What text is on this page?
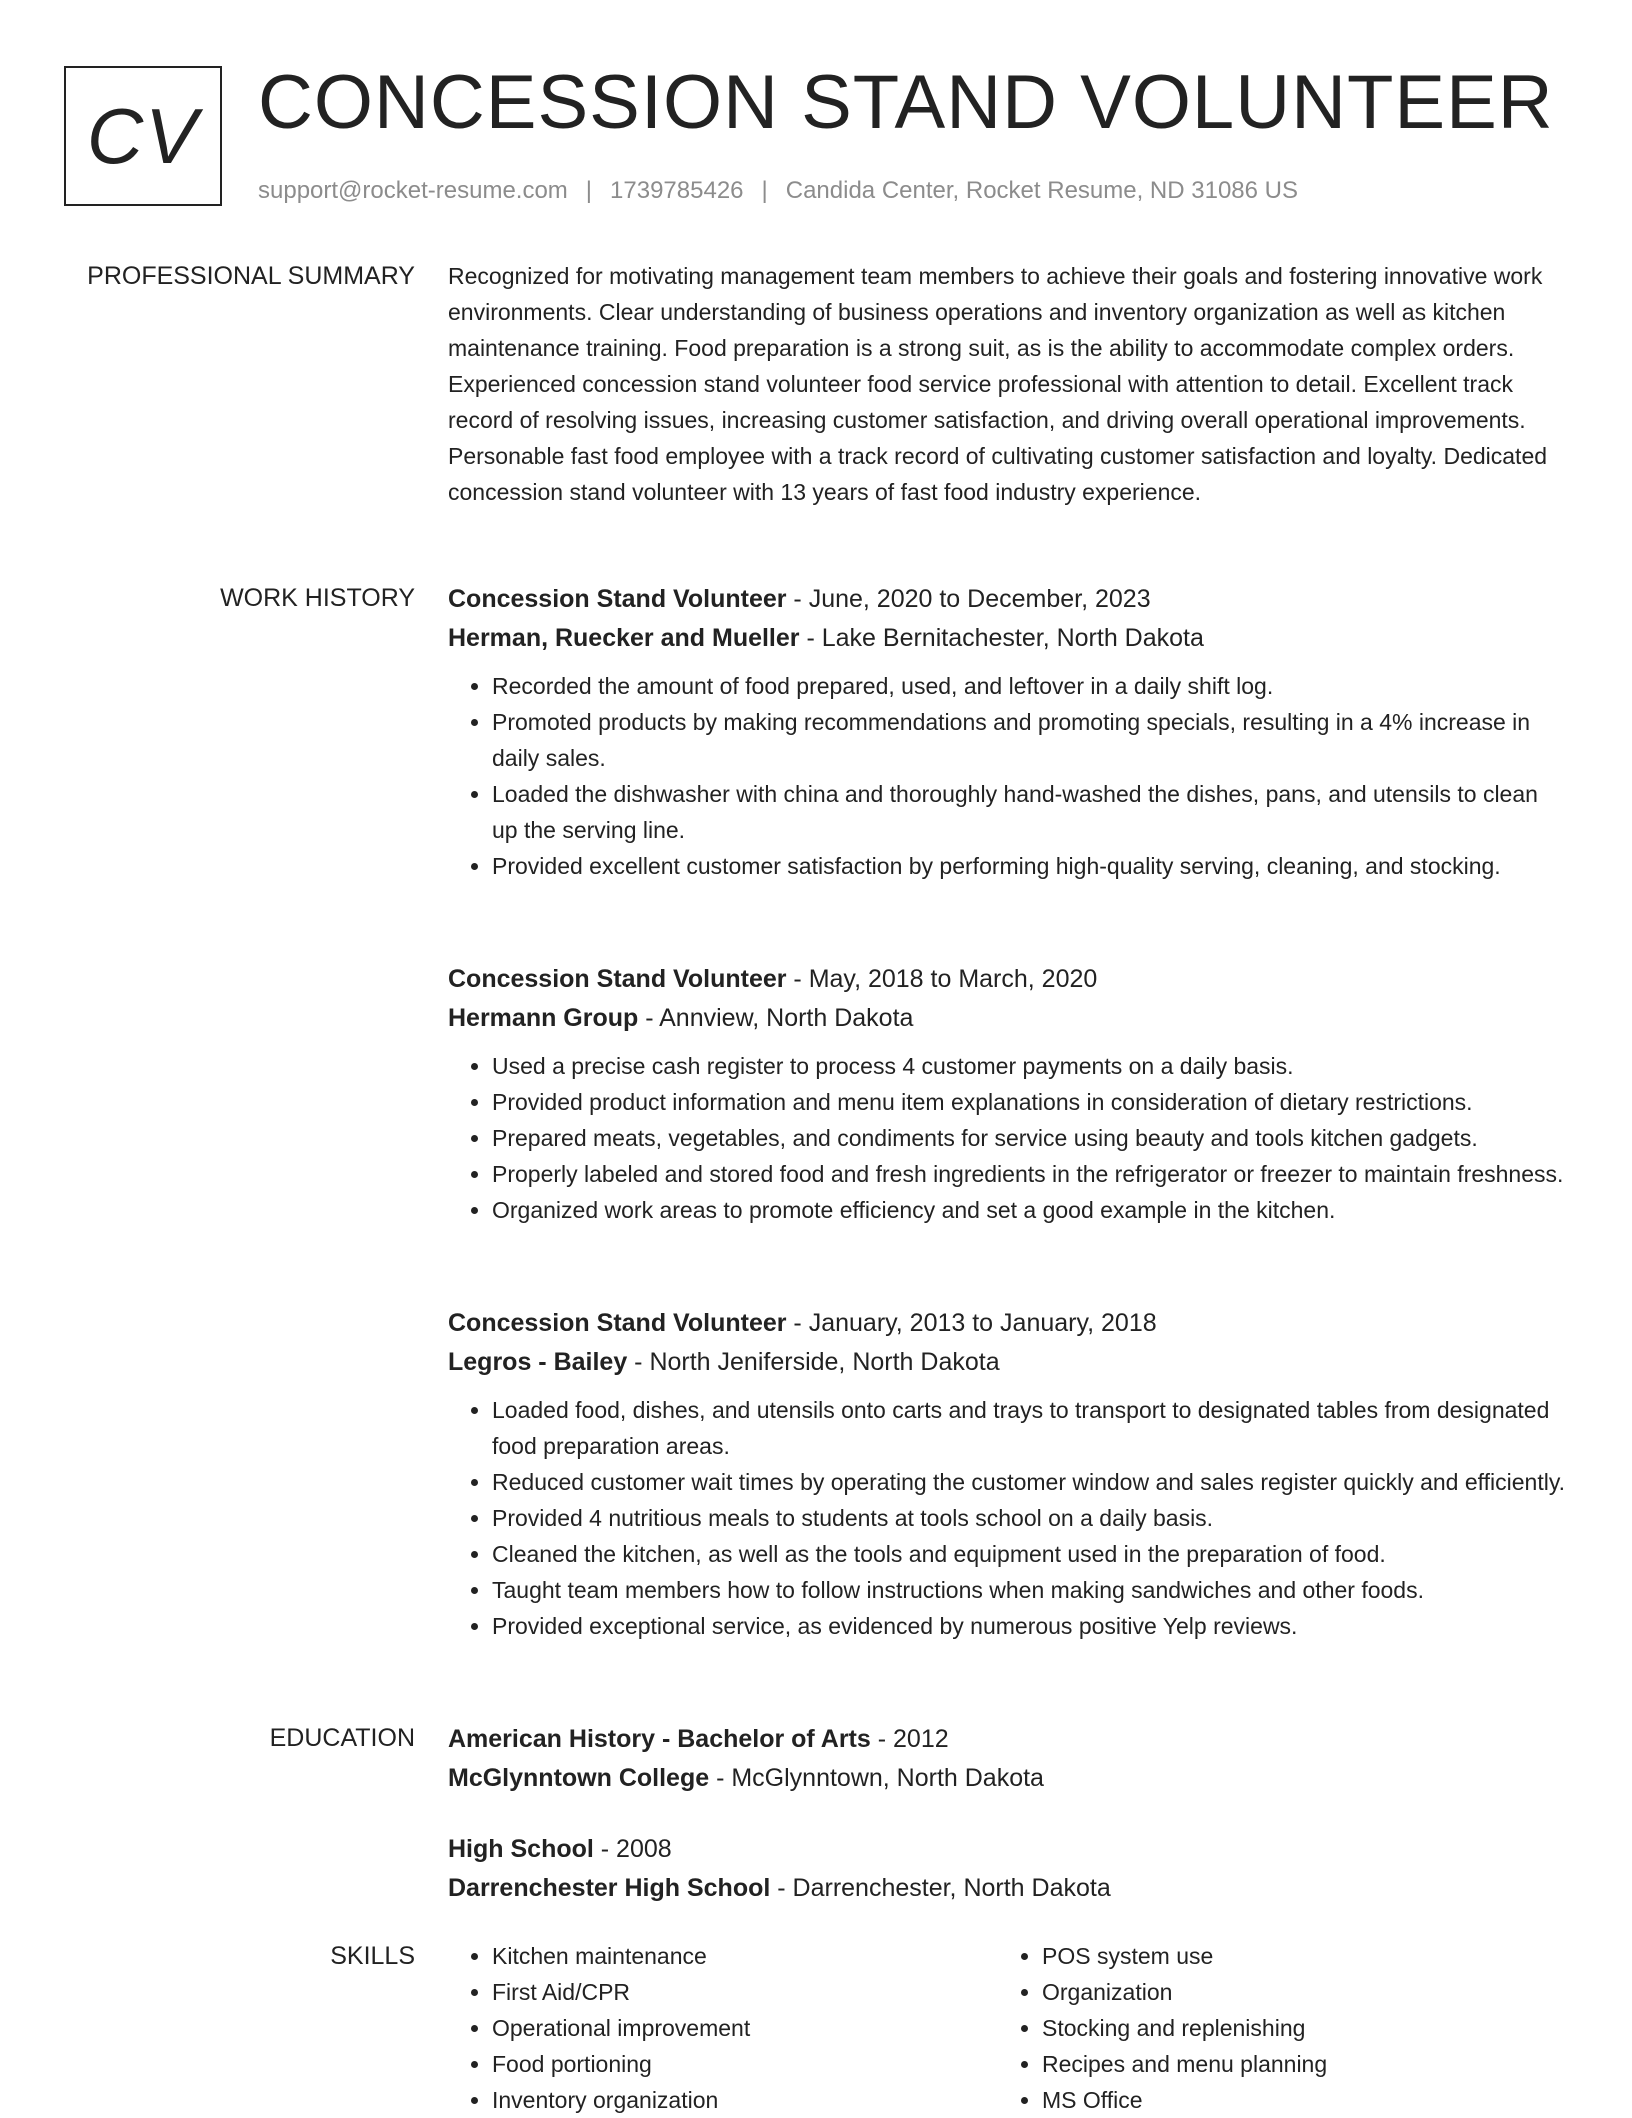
CV CONCESSION STAND VOLUNTEER
support@rocket-resume.com | 1739785426 | Candida Center, Rocket Resume, ND 31086 US
PROFESSIONAL SUMMARY Recognized for motivating management team members to achieve their goals and fostering innovative work environments. Clear understanding of business operations and inventory organization as well as kitchen maintenance training. Food preparation is a strong suit, as is the ability to accommodate complex orders. Experienced concession stand volunteer food service professional with attention to detail. Excellent track record of resolving issues, increasing customer satisfaction, and driving overall operational improvements. Personable fast food employee with a track record of cultivating customer satisfaction and loyalty. Dedicated concession stand volunteer with 13 years of fast food industry experience.

WORK HISTORY Concession Stand Volunteer - June, 2020 to December, 2023
Herman, Ruecker and Mueller - Lake Bernitachester, North Dakota
• Recorded the amount of food prepared, used, and leftover in a daily shift log.
• Promoted products by making recommendations and promoting specials, resulting in a 4% increase in daily sales.
• Loaded the dishwasher with china and thoroughly hand-washed the dishes, pans, and utensils to clean up the serving line.
• Provided excellent customer satisfaction by performing high-quality serving, cleaning, and stocking.
Concession Stand Volunteer - May, 2018 to March, 2020
Hermann Group - Annview, North Dakota
• Used a precise cash register to process 4 customer payments on a daily basis.
• Provided product information and menu item explanations in consideration of dietary restrictions.
• Prepared meats, vegetables, and condiments for service using beauty and tools kitchen gadgets.
• Properly labeled and stored food and fresh ingredients in the refrigerator or freezer to maintain freshness.
• Organized work areas to promote efficiency and set a good example in the kitchen.
Concession Stand Volunteer - January, 2013 to January, 2018
Legros - Bailey - North Jeniferside, North Dakota
• Loaded food, dishes, and utensils onto carts and trays to transport to designated tables from designated food preparation areas.
• Reduced customer wait times by operating the customer window and sales register quickly and efficiently.
• Provided 4 nutritious meals to students at tools school on a daily basis.
• Cleaned the kitchen, as well as the tools and equipment used in the preparation of food.
• Taught team members how to follow instructions when making sandwiches and other foods.
• Provided exceptional service, as evidenced by numerous positive Yelp reviews.
EDUCATION American History - Bachelor of Arts - 2012
McGlynntown College - McGlynntown, North Dakota
High School - 2008
Darrenchester High School - Darrenchester, North Dakota
SKILLS
•	Kitchen maintenance
• First Aid/CPR
• Operational improvement
• Food portioning
• Inventory organization
• POS system use
• Organization
• Stocking and replenishing
• Recipes and menu planning
• MS Office
